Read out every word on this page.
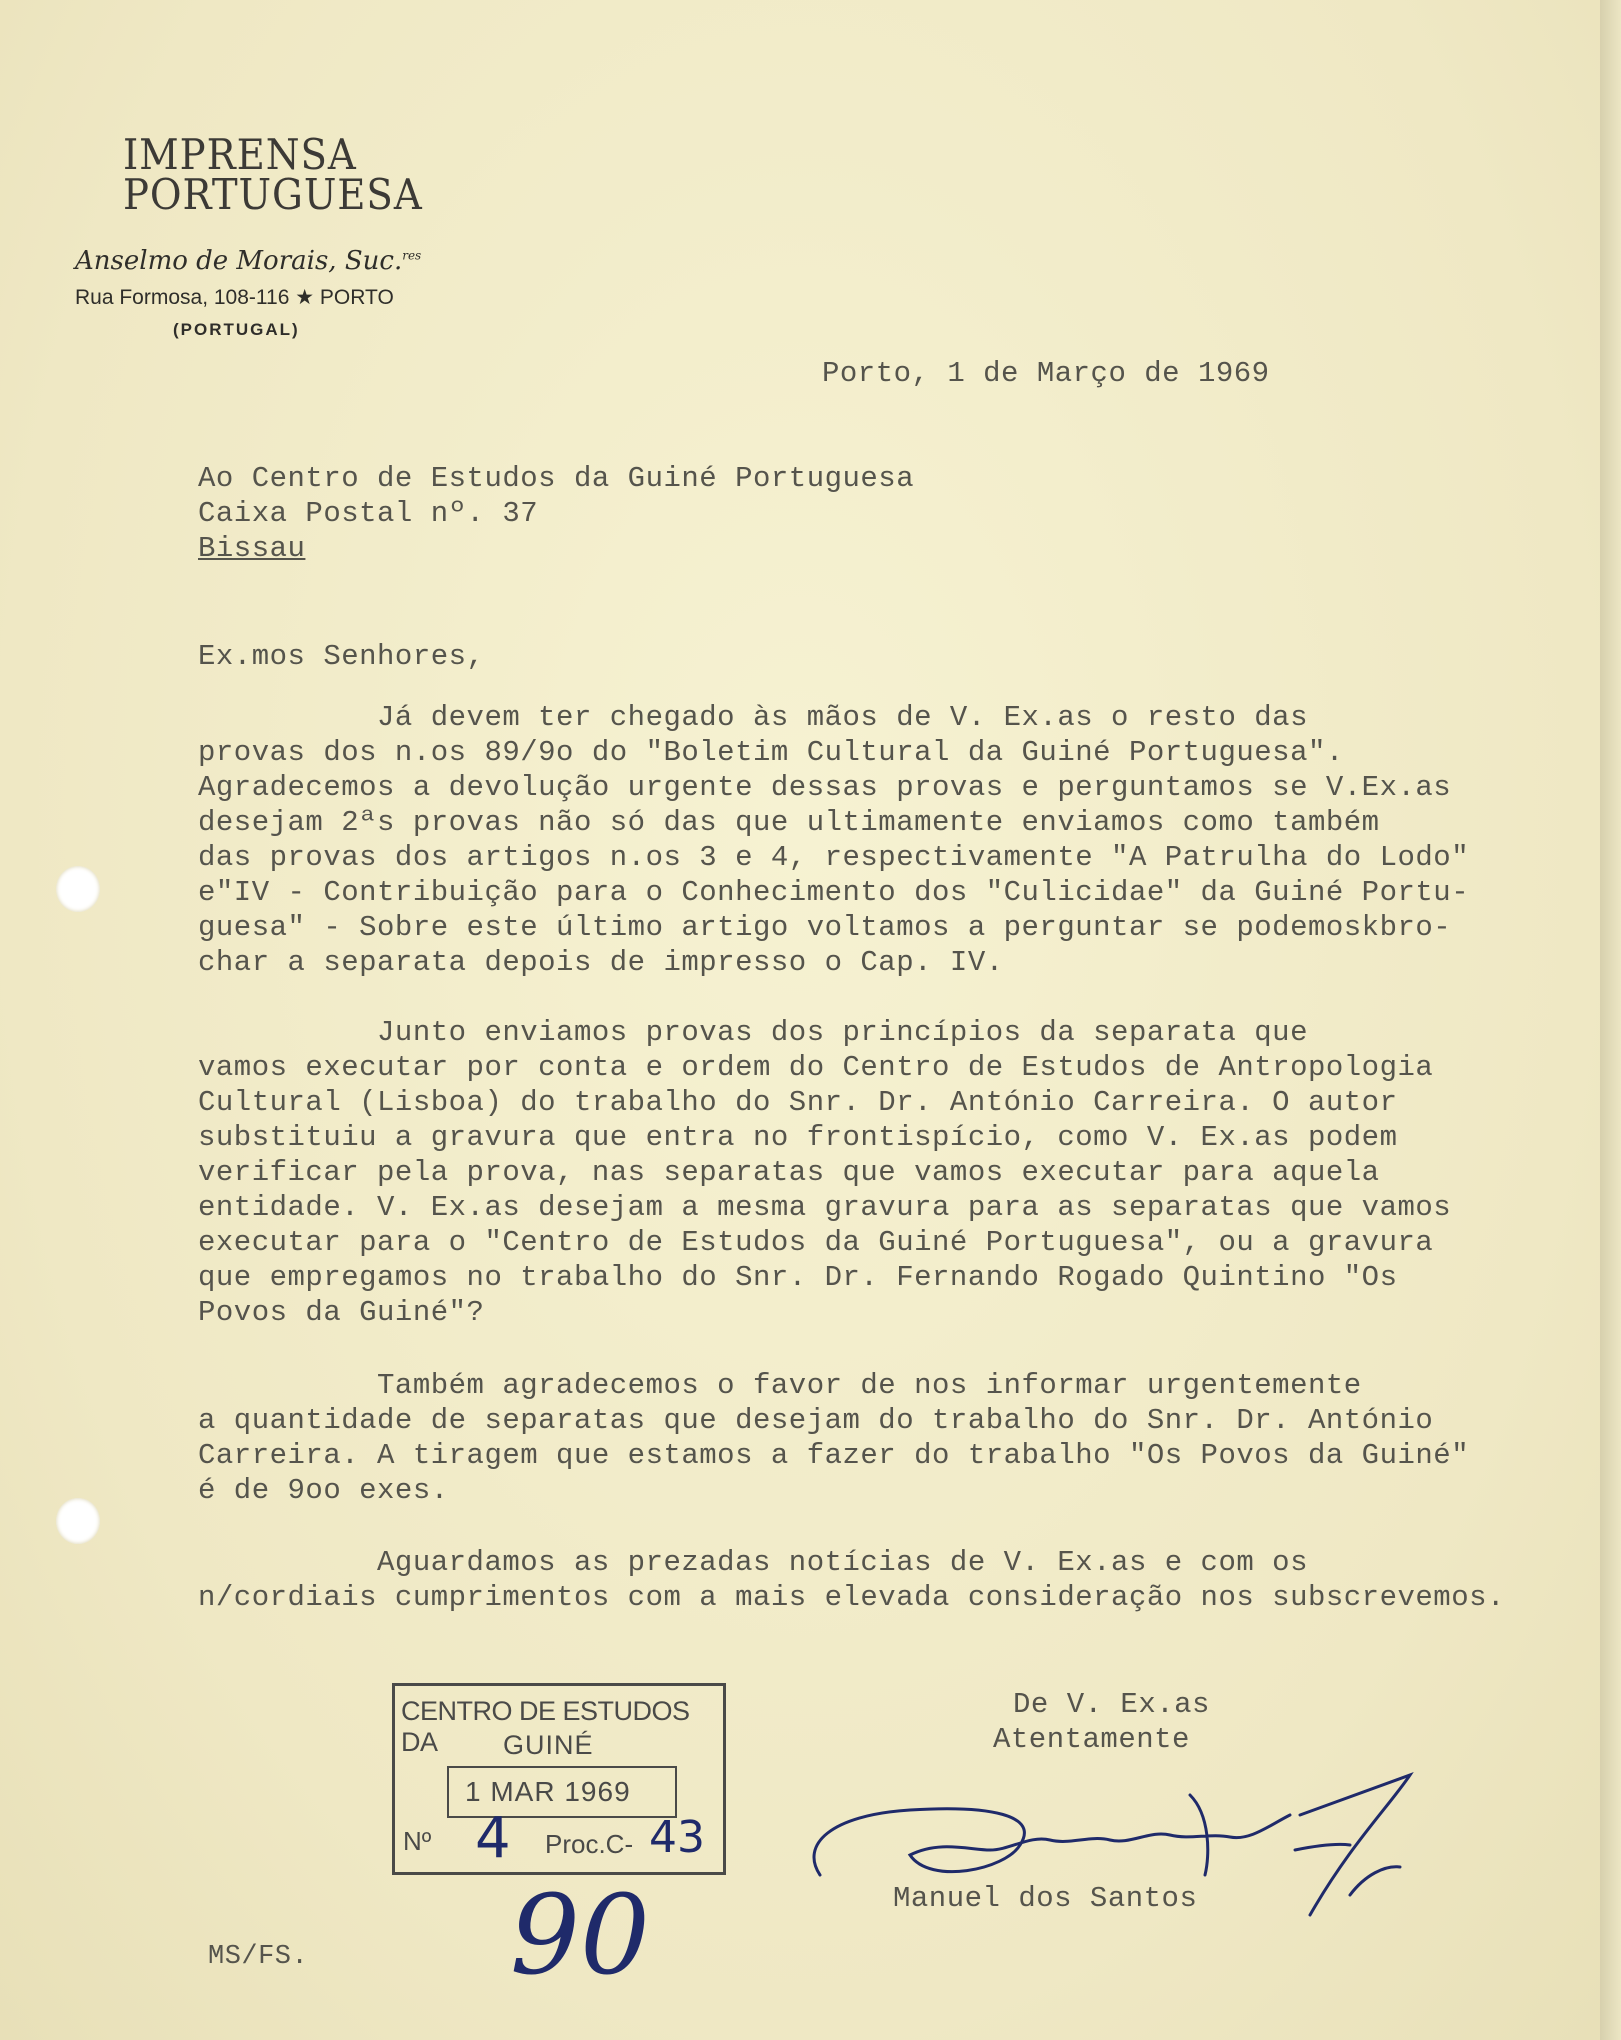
IMPRENSA
PORTUGUESA
Anselmo de Morais, Suc.$^{res}$
Rua Formosa, 108-116 ★ PORTO
(PORTUGAL)
Porto, 1 de Março de 1969
Ao Centro de Estudos da Guiné Portuguesa
Caixa Postal nº. 37
Bissau
Ex.mos Senhores,
Já devem ter chegado às mãos de V. Ex.as o resto das
provas dos n.os 89/9o do "Boletim Cultural da Guiné Portuguesa".
Agradecemos a devolução urgente dessas provas e perguntamos se V.Ex.as
desejam 2ªs provas não só das que ultimamente enviamos como também
das provas dos artigos n.os 3 e 4, respectivamente "A Patrulha do Lodo"
e"IV - Contribuição para o Conhecimento dos "Culicidae" da Guiné Portu-
guesa" - Sobre este último artigo voltamos a perguntar se podemoskbro-
char a separata depois de impresso o Cap. IV.
Junto enviamos provas dos princípios da separata que
vamos executar por conta e ordem do Centro de Estudos de Antropologia
Cultural (Lisboa) do trabalho do Snr. Dr. António Carreira. O autor
substituiu a gravura que entra no frontispício, como V. Ex.as podem
verificar pela prova, nas separatas que vamos executar para aquela
entidade. V. Ex.as desejam a mesma gravura para as separatas que vamos
executar para o "Centro de Estudos da Guiné Portuguesa", ou a gravura
que empregamos no trabalho do Snr. Dr. Fernando Rogado Quintino "Os
Povos da Guiné"?
Também agradecemos o favor de nos informar urgentemente
a quantidade de separatas que desejam do trabalho do Snr. Dr. António
Carreira. A tiragem que estamos a fazer do trabalho "Os Povos da Guiné"
é de 9oo exes.
Aguardamos as prezadas notícias de V. Ex.as e com os
n/cordiais cumprimentos com a mais elevada consideração nos subscrevemos.
De V. Ex.as
Atentamente
Manuel dos Santos
CENTRO DE ESTUDOS DA	GUINÉ
1 MAR 1969
Nº 4 Proc.C- 43
90
MS/FS.
